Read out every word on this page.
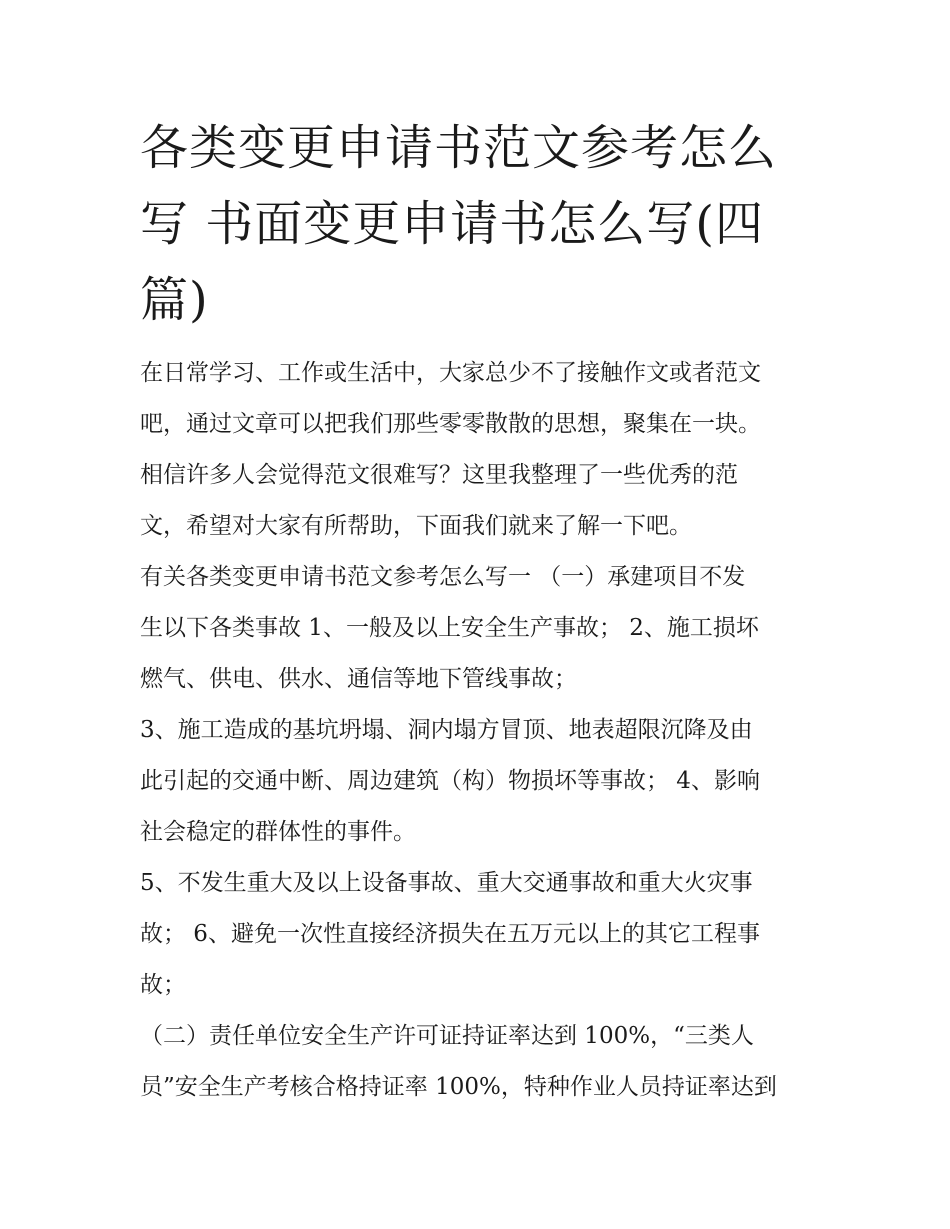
各类变更申请书范文参考怎么
写 书面变更申请书怎么写(四
篇)
在日常学习、工作或生活中，大家总少不了接触作文或者范文
吧，通过文章可以把我们那些零零散散的思想，聚集在一块。
相信许多人会觉得范文很难写？这里我整理了一些优秀的范
文，希望对大家有所帮助，下面我们就来了解一下吧。
有关各类变更申请书范文参考怎么写一 （一）承建项目不发
生以下各类事故 1、一般及以上安全生产事故； 2、施工损坏
燃气、供电、供水、通信等地下管线事故；
3、施工造成的基坑坍塌、洞内塌方冒顶、地表超限沉降及由
此引起的交通中断、周边建筑（构）物损坏等事故； 4、影响
社会稳定的群体性的事件。
5、不发生重大及以上设备事故、重大交通事故和重大火灾事
故； 6、避免一次性直接经济损失在五万元以上的其它工程事
故；
（二）责任单位安全生产许可证持证率达到 100%，“三类人
员”安全生产考核合格持证率 100%，特种作业人员持证率达到
